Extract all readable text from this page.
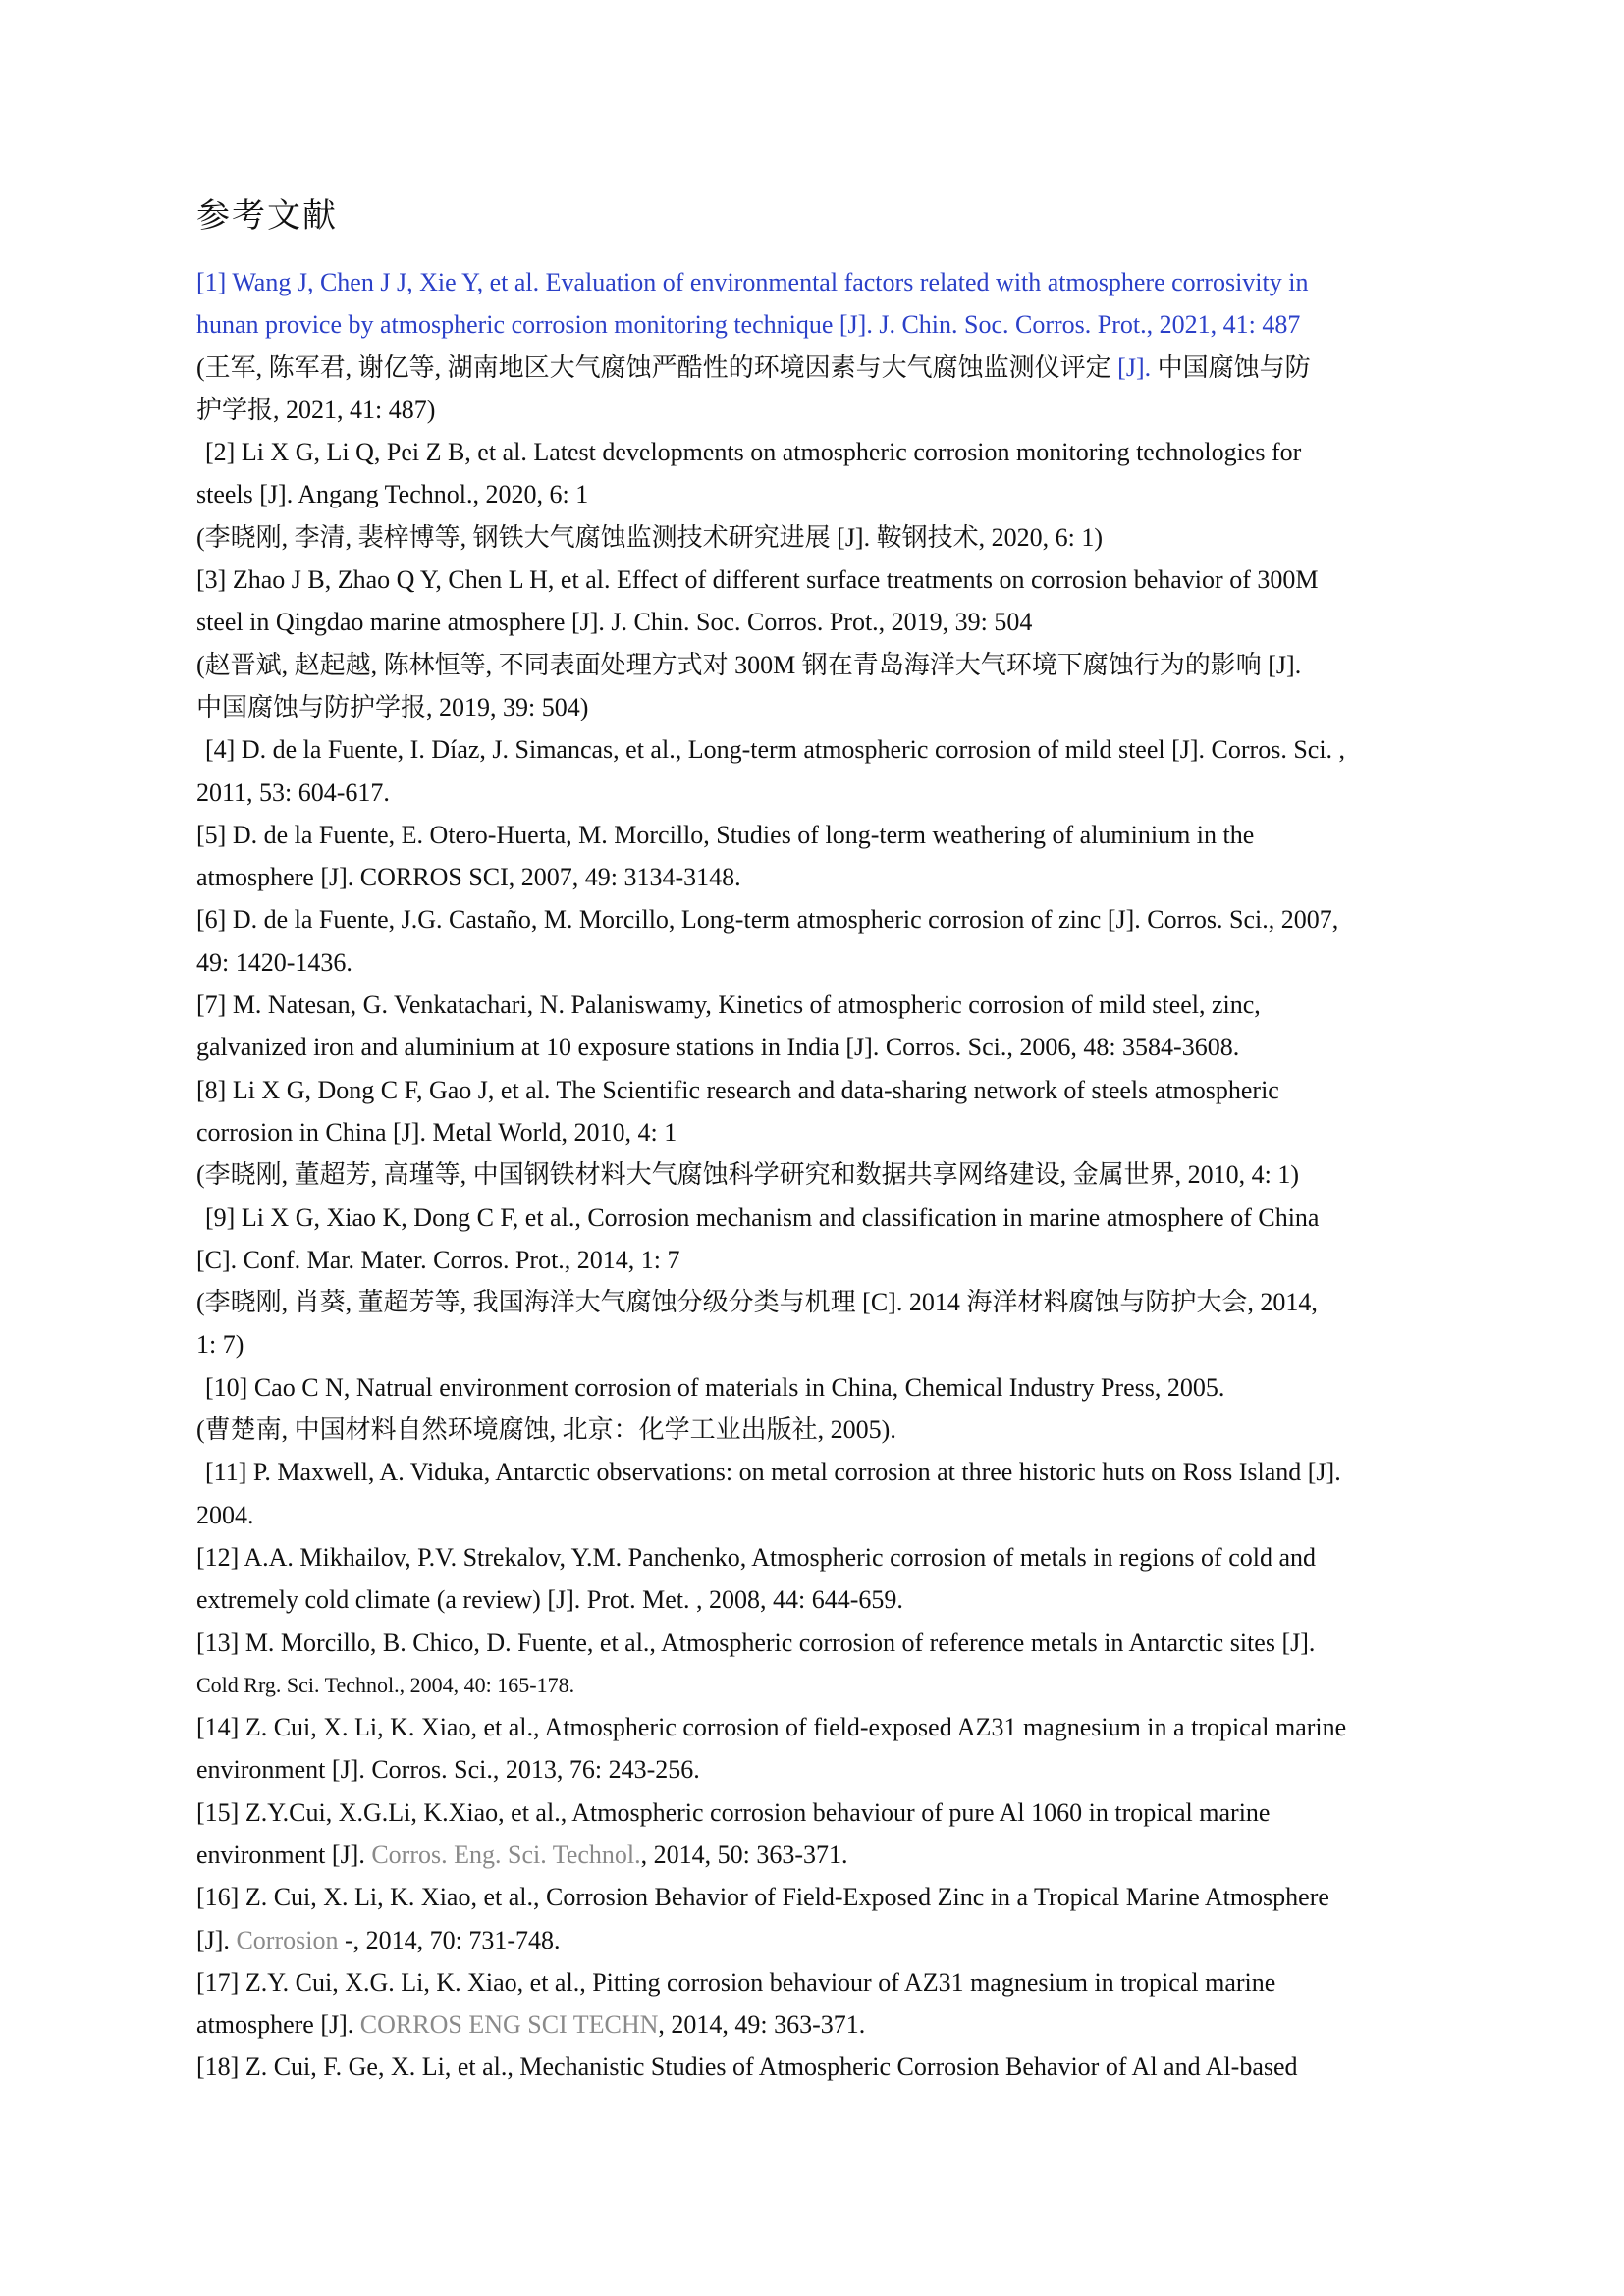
参考文献
[1] Wang J, Chen J J, Xie Y, et al. Evaluation of environmental factors related with atmosphere corrosivity in
hunan provice by atmospheric corrosion monitoring technique [J]. J. Chin. Soc. Corros. Prot., 2021, 41: 487
(王军, 陈军君, 谢亿等, 湖南地区大气腐蚀严酷性的环境因素与大气腐蚀监测仪评定 [J]. 中国腐蚀与防
护学报, 2021, 41: 487)
[2] Li X G, Li Q, Pei Z B, et al. Latest developments on atmospheric corrosion monitoring technologies for
steels [J]. Angang Technol., 2020, 6: 1
(李晓刚, 李清, 裴梓博等, 钢铁大气腐蚀监测技术研究进展 [J]. 鞍钢技术, 2020, 6: 1)
[3] Zhao J B, Zhao Q Y, Chen L H, et al. Effect of different surface treatments on corrosion behavior of 300M
steel in Qingdao marine atmosphere [J]. J. Chin. Soc. Corros. Prot., 2019, 39: 504
(赵晋斌, 赵起越, 陈林恒等, 不同表面处理方式对 300M 钢在青岛海洋大气环境下腐蚀行为的影响 [J].
中国腐蚀与防护学报, 2019, 39: 504)
[4] D. de la Fuente, I. Díaz, J. Simancas, et al., Long-term atmospheric corrosion of mild steel [J]. Corros. Sci. ,
2011, 53: 604-617.
[5] D. de la Fuente, E. Otero-Huerta, M. Morcillo, Studies of long-term weathering of aluminium in the
atmosphere [J]. CORROS SCI, 2007, 49: 3134-3148.
[6] D. de la Fuente, J.G. Castaño, M. Morcillo, Long-term atmospheric corrosion of zinc [J]. Corros. Sci., 2007,
49: 1420-1436.
[7] M. Natesan, G. Venkatachari, N. Palaniswamy, Kinetics of atmospheric corrosion of mild steel, zinc,
galvanized iron and aluminium at 10 exposure stations in India [J]. Corros. Sci., 2006, 48: 3584-3608.
[8] Li X G, Dong C F, Gao J, et al. The Scientific research and data-sharing network of steels atmospheric
corrosion in China [J]. Metal World, 2010, 4: 1
(李晓刚, 董超芳, 高瑾等, 中国钢铁材料大气腐蚀科学研究和数据共享网络建设, 金属世界, 2010, 4: 1)
[9] Li X G, Xiao K, Dong C F, et al., Corrosion mechanism and classification in marine atmosphere of China
[C]. Conf. Mar. Mater. Corros. Prot., 2014, 1: 7
(李晓刚, 肖葵, 董超芳等, 我国海洋大气腐蚀分级分类与机理 [C]. 2014 海洋材料腐蚀与防护大会, 2014,
1: 7)
[10] Cao C N, Natrual environment corrosion of materials in China, Chemical Industry Press, 2005.
(曹楚南, 中国材料自然环境腐蚀, 北京：化学工业出版社, 2005).
[11] P. Maxwell, A. Viduka, Antarctic observations: on metal corrosion at three historic huts on Ross Island [J].
2004.
[12] A.A. Mikhailov, P.V. Strekalov, Y.M. Panchenko, Atmospheric corrosion of metals in regions of cold and
extremely cold climate (a review) [J]. Prot. Met. , 2008, 44: 644-659.
[13] M. Morcillo, B. Chico, D. Fuente, et al., Atmospheric corrosion of reference metals in Antarctic sites [J].
Cold Rrg. Sci. Technol., 2004, 40: 165-178.
[14] Z. Cui, X. Li, K. Xiao, et al., Atmospheric corrosion of field-exposed AZ31 magnesium in a tropical marine
environment [J]. Corros. Sci., 2013, 76: 243-256.
[15] Z.Y.Cui, X.G.Li, K.Xiao, et al., Atmospheric corrosion behaviour of pure Al 1060 in tropical marine
environment [J]. Corros. Eng. Sci. Technol., 2014, 50: 363-371.
[16] Z. Cui, X. Li, K. Xiao, et al., Corrosion Behavior of Field-Exposed Zinc in a Tropical Marine Atmosphere
[J]. Corrosion -, 2014, 70: 731-748.
[17] Z.Y. Cui, X.G. Li, K. Xiao, et al., Pitting corrosion behaviour of AZ31 magnesium in tropical marine
atmosphere [J]. CORROS ENG SCI TECHN, 2014, 49: 363-371.
[18] Z. Cui, F. Ge, X. Li, et al., Mechanistic Studies of Atmospheric Corrosion Behavior of Al and Al-based
